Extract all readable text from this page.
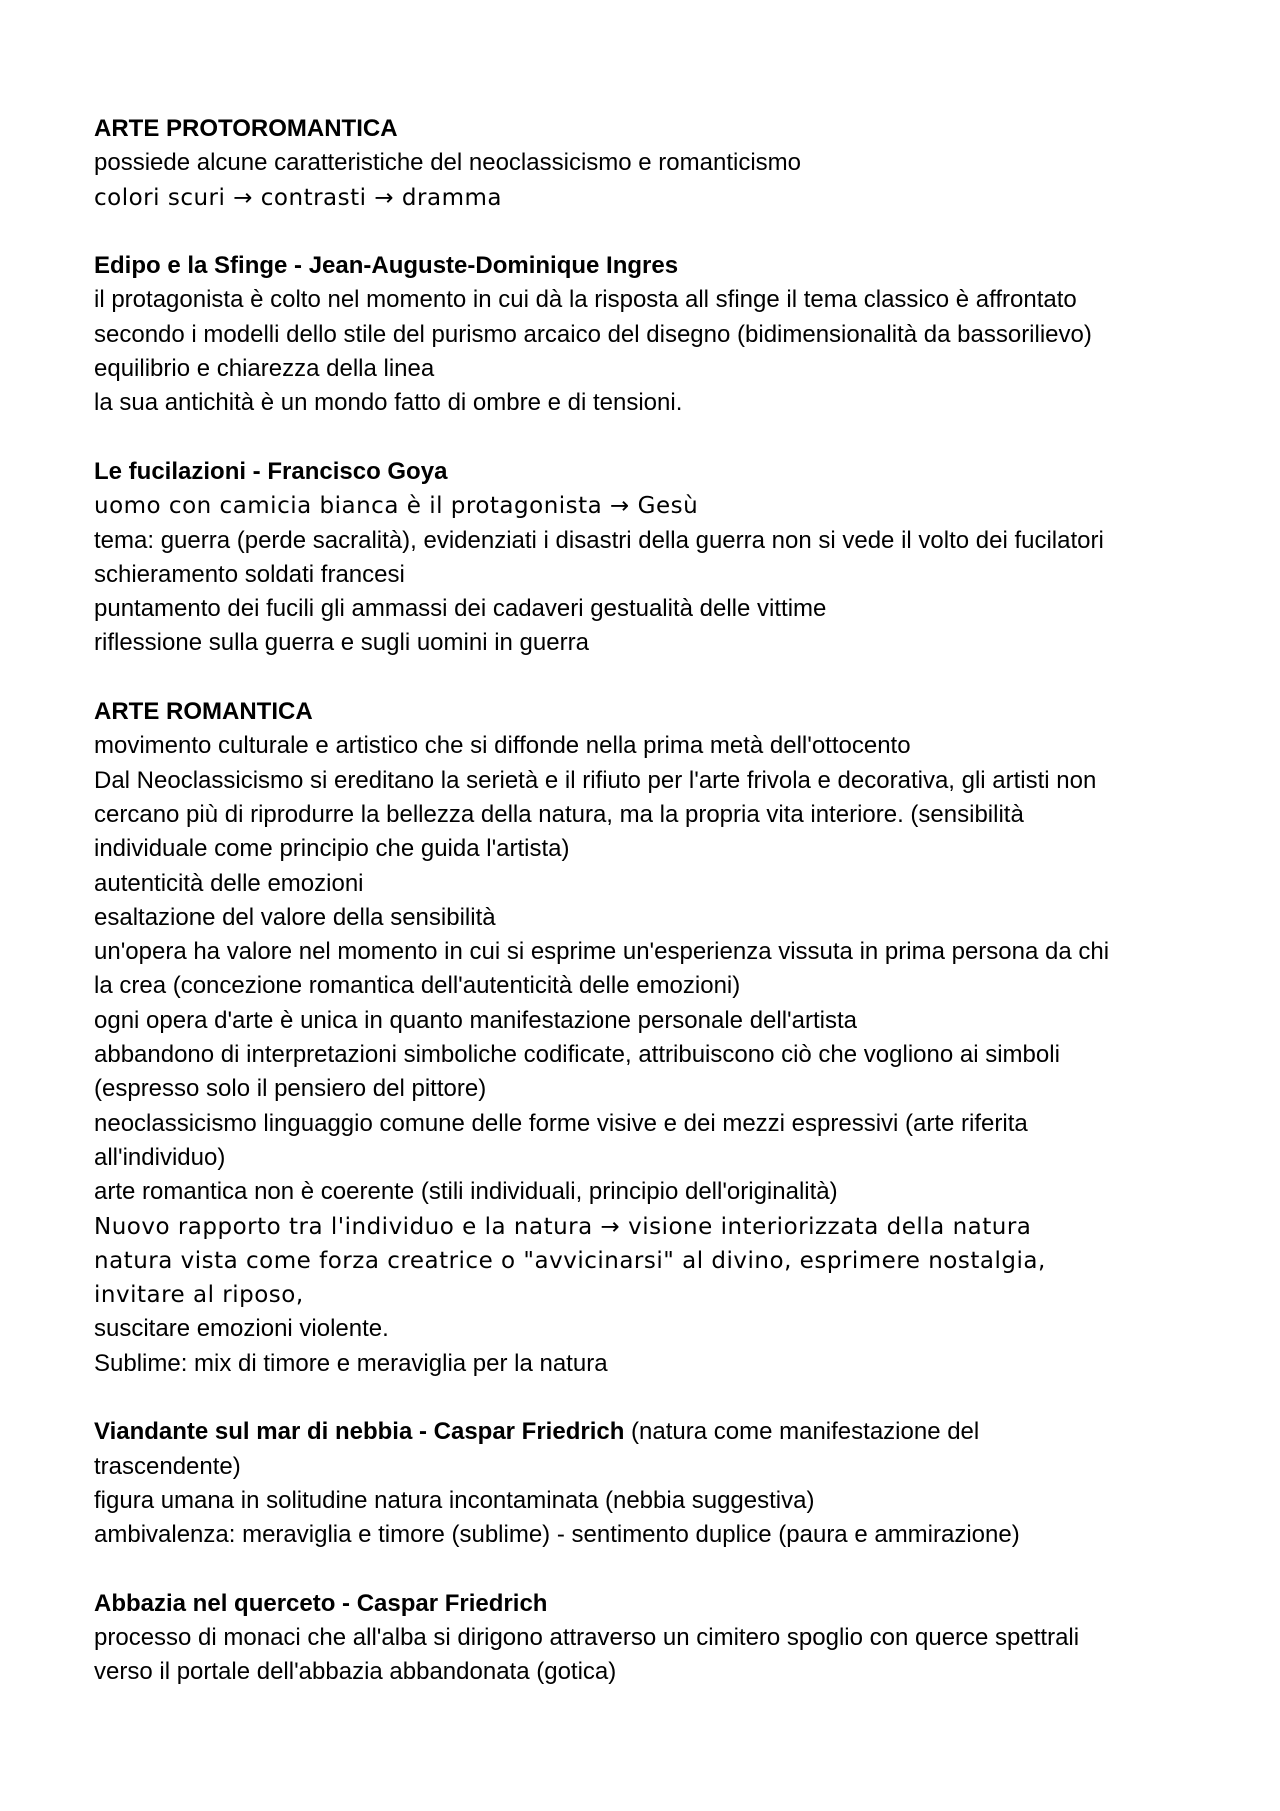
ARTE PROTOROMANTICA

possiede alcune caratteristiche del neoclassicismo e romanticismo

colori scuri → contrasti → dramma

Edipo e la Sfinge - Jean-Auguste-Dominique Ingres

il protagonista è colto nel momento in cui dà la risposta all sfinge il tema classico è affrontato

secondo i modelli dello stile del purismo arcaico del disegno (bidimensionalità da bassorilievo)

equilibrio e chiarezza della linea

la sua antichità è un mondo fatto di ombre e di tensioni.

Le fucilazioni - Francisco Goya

uomo con camicia bianca è il protagonista → Gesù

tema: guerra (perde sacralità), evidenziati i disastri della guerra non si vede il volto dei fucilatori

schieramento soldati francesi

puntamento dei fucili gli ammassi dei cadaveri gestualità delle vittime

riflessione sulla guerra e sugli uomini in guerra

ARTE ROMANTICA

movimento culturale e artistico che si diffonde nella prima metà dell'ottocento

Dal Neoclassicismo si ereditano la serietà e il rifiuto per l'arte frivola e decorativa, gli artisti non

cercano più di riprodurre la bellezza della natura, ma la propria vita interiore. (sensibilità

individuale come principio che guida l'artista)

autenticità delle emozioni

esaltazione del valore della sensibilità

un'opera ha valore nel momento in cui si esprime un'esperienza vissuta in prima persona da chi

la crea (concezione romantica dell'autenticità delle emozioni)

ogni opera d'arte è unica in quanto manifestazione personale dell'artista

abbandono di interpretazioni simboliche codificate, attribuiscono ciò che vogliono ai simboli

(espresso solo il pensiero del pittore)

neoclassicismo linguaggio comune delle forme visive e dei mezzi espressivi (arte riferita

all'individuo)

arte romantica non è coerente (stili individuali, principio dell'originalità)

Nuovo rapporto tra l'individuo e la natura → visione interiorizzata della natura

natura vista come forza creatrice o "avvicinarsi" al divino, esprimere nostalgia,

invitare al riposo,

suscitare emozioni violente.

Sublime: mix di timore e meraviglia per la natura

Viandante sul mar di nebbia - Caspar Friedrich (natura come manifestazione del

trascendente)

figura umana in solitudine natura incontaminata (nebbia suggestiva)

ambivalenza: meraviglia e timore (sublime) - sentimento duplice (paura e ammirazione)

Abbazia nel querceto - Caspar Friedrich

processo di monaci che all'alba si dirigono attraverso un cimitero spoglio con querce spettrali

verso il portale dell'abbazia abbandonata (gotica)
